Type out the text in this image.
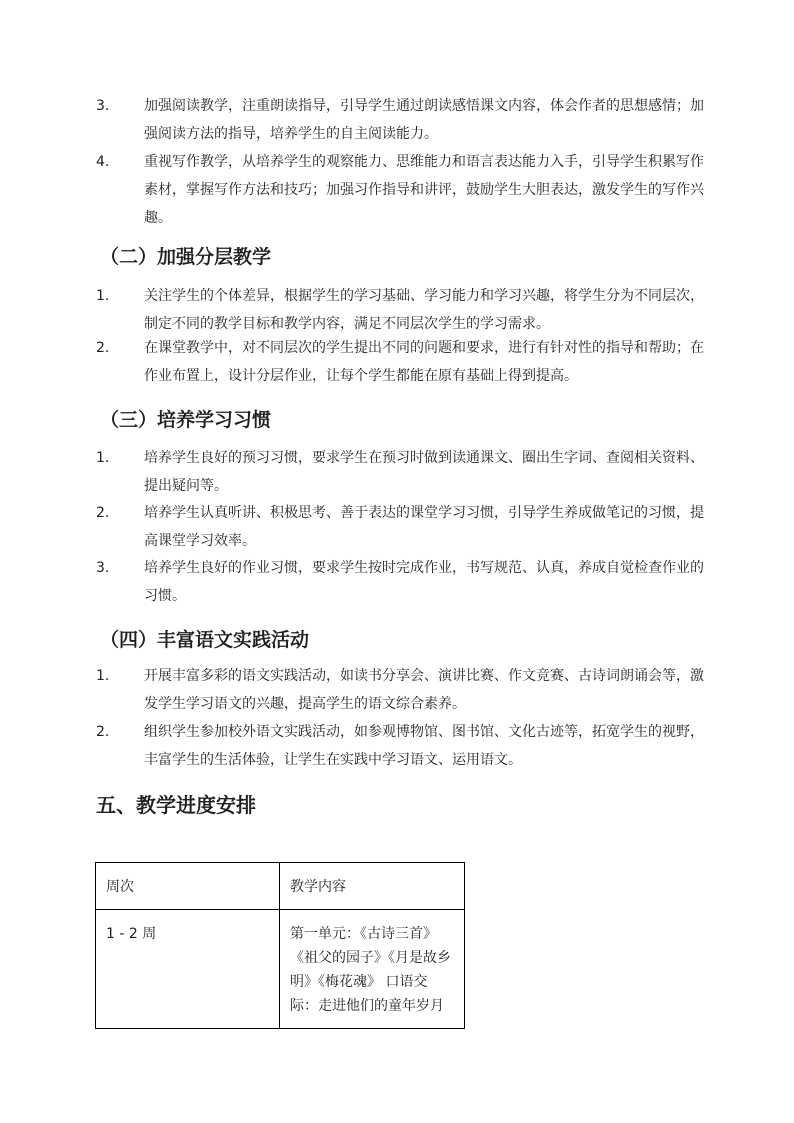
3. 加强阅读教学，注重朗读指导，引导学生通过朗读感悟课文内容，体会作者的思想感情；加强阅读方法的指导，培养学生的自主阅读能力。

4. 重视写作教学，从培养学生的观察能力、思维能力和语言表达能力入手，引导学生积累写作素材，掌握写作方法和技巧；加强习作指导和讲评，鼓励学生大胆表达，激发学生的写作兴趣。

（二）加强分层教学
1. 关注学生的个体差异，根据学生的学习基础、学习能力和学习兴趣，将学生分为不同层次，制定不同的教学目标和教学内容，满足不同层次学生的学习需求。

2. 在课堂教学中，对不同层次的学生提出不同的问题和要求，进行有针对性的指导和帮助；在作业布置上，设计分层作业，让每个学生都能在原有基础上得到提高。

（三）培养学习习惯
1. 培养学生良好的预习习惯，要求学生在预习时做到读通课文、圈出生字词、查阅相关资料、提出疑问等。

2. 培养学生认真听讲、积极思考、善于表达的课堂学习习惯，引导学生养成做笔记的习惯，提高课堂学习效率。

3. 培养学生良好的作业习惯，要求学生按时完成作业，书写规范、认真，养成自觉检查作业的习惯。

（四）丰富语文实践活动
1. 开展丰富多彩的语文实践活动，如读书分享会、演讲比赛、作文竞赛、古诗词朗诵会等，激发学生学习语文的兴趣，提高学生的语文综合素养。

2. 组织学生参加校外语文实践活动，如参观博物馆、图书馆、文化古迹等，拓宽学生的视野，丰富学生的生活体验，让学生在实践中学习语文、运用语文。

五、教学进度安排
周次	教学内容
1 - 2 周	第一单元：《古诗三首》《祖父的园子》《月是故乡明》《梅花魂》 口语交际：走进他们的童年岁月
